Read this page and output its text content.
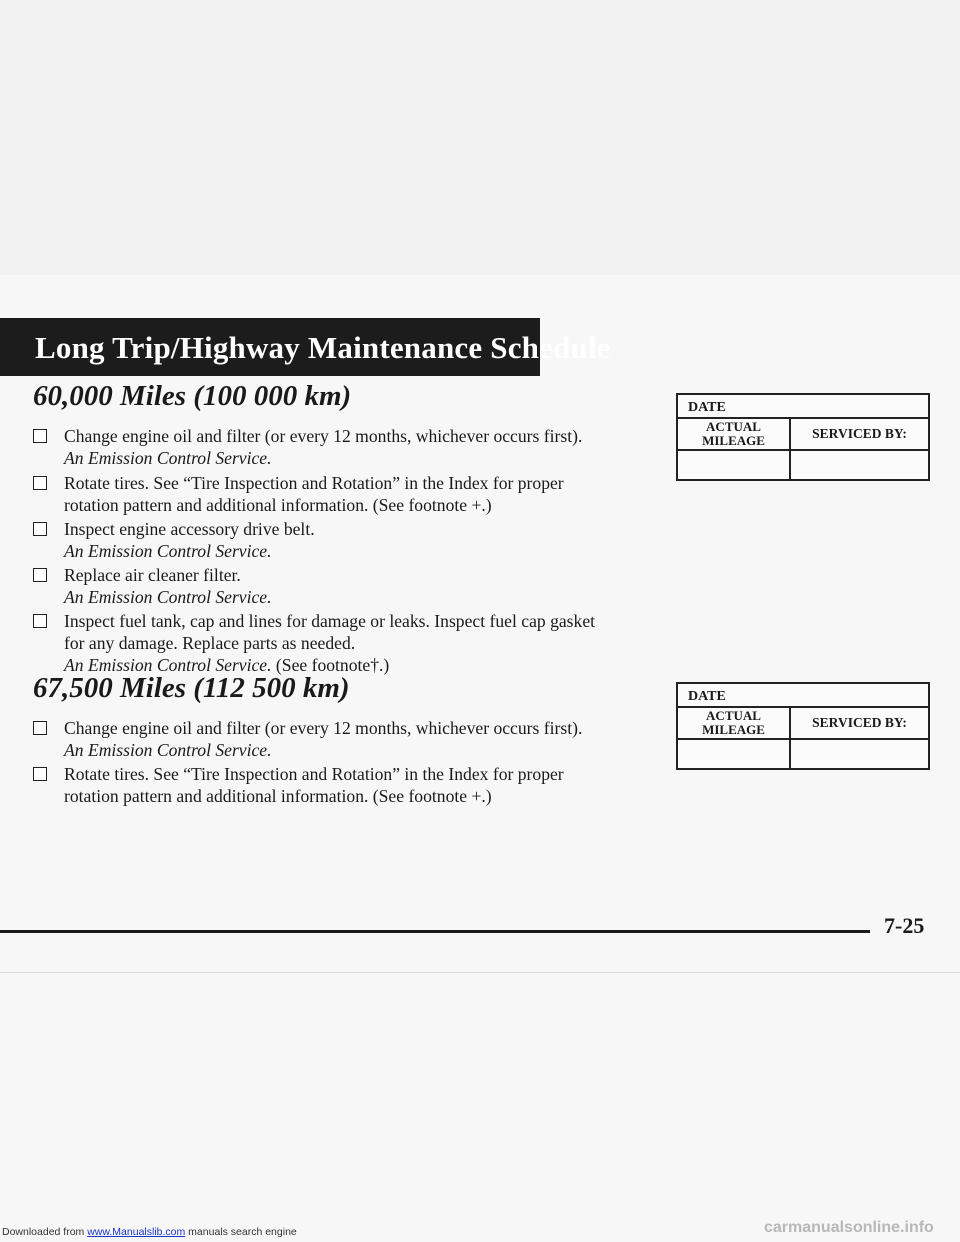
Long Trip/Highway Maintenance Schedule
60,000 Miles (100 000 km)
Change engine oil and filter (or every 12 months, whichever occurs first).
An Emission Control Service.
Rotate tires. See “Tire Inspection and Rotation” in the Index for proper
rotation pattern and additional information. (See footnote +.)
Inspect engine accessory drive belt.
An Emission Control Service.
Replace air cleaner filter.
An Emission Control Service.
Inspect fuel tank, cap and lines for damage or leaks. Inspect fuel cap gasket
for any damage. Replace parts as needed.
An Emission Control Service. (See footnote†.)
67,500 Miles (112 500 km)
Change engine oil and filter (or every 12 months, whichever occurs first).
An Emission Control Service.
Rotate tires. See “Tire Inspection and Rotation” in the Index for proper
rotation pattern and additional information. (See footnote +.)
DATE
ACTUAL
MILEAGE	SERVICED BY:
DATE
ACTUAL
MILEAGE	SERVICED BY:
7-25
Downloaded from www.Manualslib.com manuals search engine	carmanualsonline.info
